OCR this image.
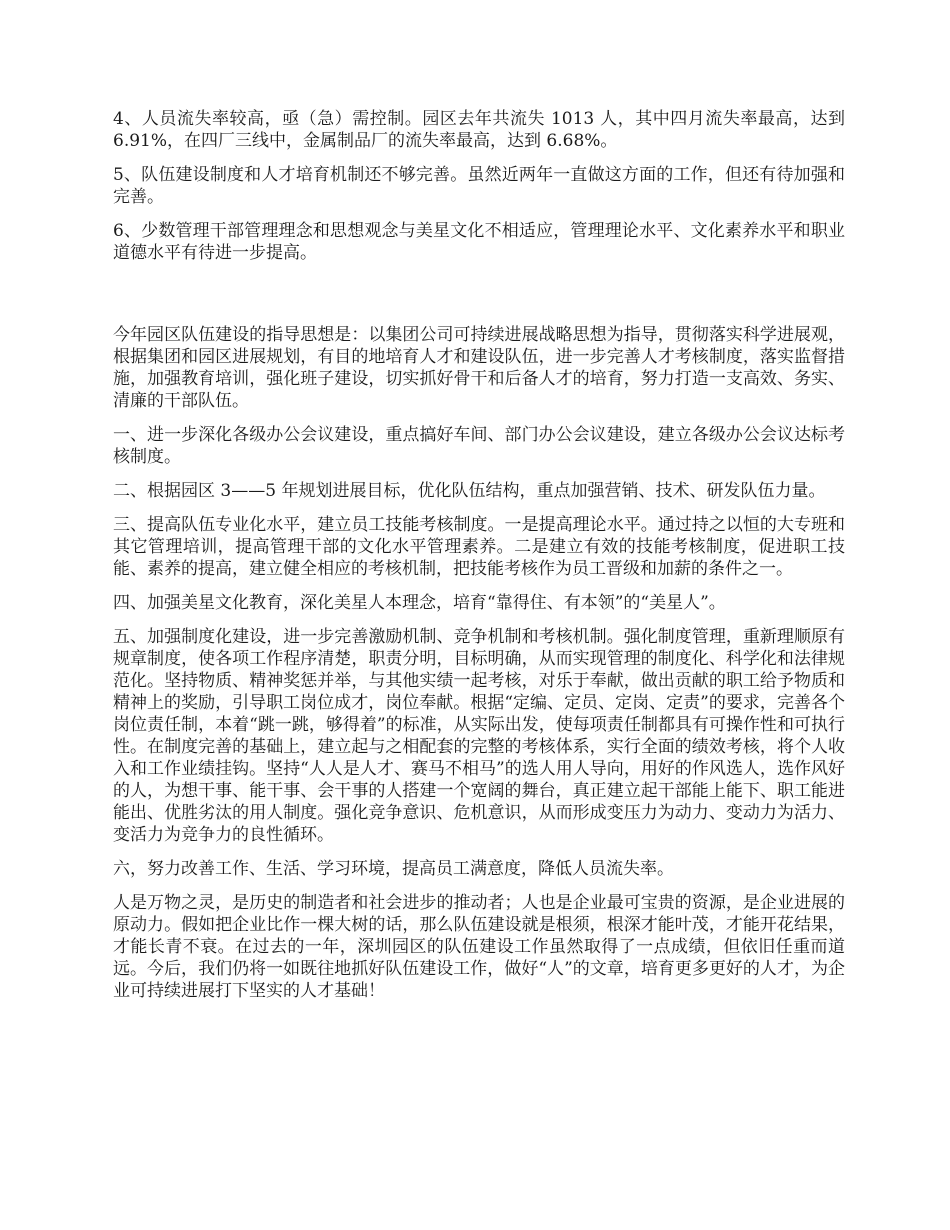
4、人员流失率较高，亟（急）需控制。园区去年共流失 1013 人，其中四月流失率最高，达到 6.91%，在四厂三线中，金属制品厂的流失率最高，达到 6.68%。

5、队伍建设制度和人才培育机制还不够完善。虽然近两年一直做这方面的工作，但还有待加强和完善。

6、少数管理干部管理理念和思想观念与美星文化不相适应，管理理论水平、文化素养水平和职业道德水平有待进一步提高。

今年园区队伍建设的指导思想是：以集团公司可持续进展战略思想为指导，贯彻落实科学进展观，根据集团和园区进展规划，有目的地培育人才和建设队伍，进一步完善人才考核制度，落实监督措施，加强教育培训，强化班子建设，切实抓好骨干和后备人才的培育，努力打造一支高效、务实、清廉的干部队伍。

一、进一步深化各级办公会议建设，重点搞好车间、部门办公会议建设，建立各级办公会议达标考核制度。

二、根据园区 3——5 年规划进展目标，优化队伍结构，重点加强营销、技术、研发队伍力量。

三、提高队伍专业化水平，建立员工技能考核制度。一是提高理论水平。通过持之以恒的大专班和其它管理培训，提高管理干部的文化水平管理素养。二是建立有效的技能考核制度，促进职工技能、素养的提高，建立健全相应的考核机制，把技能考核作为员工晋级和加薪的条件之一。

四、加强美星文化教育，深化美星人本理念，培育“靠得住、有本领”的“美星人”。

五、加强制度化建设，进一步完善激励机制、竞争机制和考核机制。强化制度管理，重新理顺原有规章制度，使各项工作程序清楚，职责分明，目标明确，从而实现管理的制度化、科学化和法律规范化。坚持物质、精神奖惩并举，与其他实绩一起考核，对乐于奉献，做出贡献的职工给予物质和精神上的奖励，引导职工岗位成才，岗位奉献。根据“定编、定员、定岗、定责”的要求，完善各个岗位责任制，本着“跳一跳，够得着”的标准，从实际出发，使每项责任制都具有可操作性和可执行性。在制度完善的基础上，建立起与之相配套的完整的考核体系，实行全面的绩效考核，将个人收入和工作业绩挂钩。坚持“人人是人才、赛马不相马”的选人用人导向，用好的作风选人，选作风好的人，为想干事、能干事、会干事的人搭建一个宽阔的舞台，真正建立起干部能上能下、职工能进能出、优胜劣汰的用人制度。强化竞争意识、危机意识，从而形成变压力为动力、变动力为活力、变活力为竞争力的良性循环。

六，努力改善工作、生活、学习环境，提高员工满意度，降低人员流失率。

人是万物之灵，是历史的制造者和社会进步的推动者；人也是企业最可宝贵的资源，是企业进展的原动力。假如把企业比作一棵大树的话，那么队伍建设就是根须，根深才能叶茂，才能开花结果，才能长青不衰。在过去的一年，深圳园区的队伍建设工作虽然取得了一点成绩，但依旧任重而道远。今后，我们仍将一如既往地抓好队伍建设工作，做好“人”的文章，培育更多更好的人才，为企业可持续进展打下坚实的人才基础！
